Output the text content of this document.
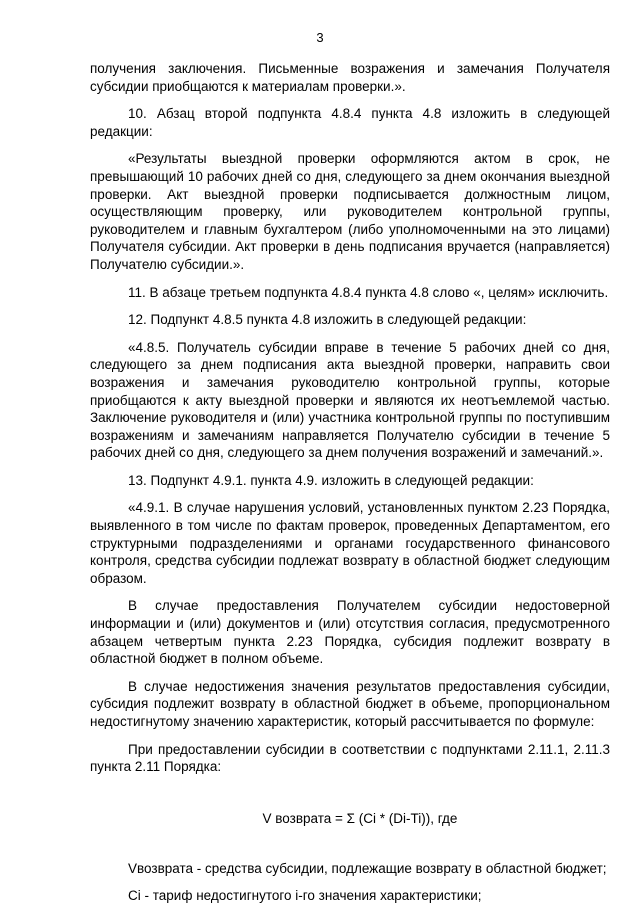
3

получения заключения. Письменные возражения и замечания Получателя субсидии приобщаются к материалам проверки.».

10. Абзац второй подпункта 4.8.4 пункта 4.8 изложить в следующей редакции:

«Результаты выездной проверки оформляются актом в срок, не превышающий 10 рабочих дней со дня, следующего за днем окончания выездной проверки. Акт выездной проверки подписывается должностным лицом, осуществляющим проверку, или руководителем контрольной группы, руководителем и главным бухгалтером (либо уполномоченными на это лицами) Получателя субсидии. Акт проверки в день подписания вручается (направляется) Получателю субсидии.».

11. В абзаце третьем подпункта 4.8.4 пункта 4.8 слово «, целям» исключить.

12. Подпункт 4.8.5 пункта 4.8 изложить в следующей редакции:

«4.8.5. Получатель субсидии вправе в течение 5 рабочих дней со дня, следующего за днем подписания акта выездной проверки, направить свои возражения и замечания руководителю контрольной группы, которые приобщаются к акту выездной проверки и являются их неотъемлемой частью. Заключение руководителя и (или) участника контрольной группы по поступившим возражениям и замечаниям направляется Получателю субсидии в течение 5 рабочих дней со дня, следующего за днем получения возражений и замечаний.».

13. Подпункт 4.9.1. пункта 4.9. изложить в следующей редакции:

«4.9.1. В случае нарушения условий, установленных пунктом 2.23 Порядка, выявленного в том числе по фактам проверок, проведенных Департаментом, его структурными подразделениями и органами государственного финансового контроля, средства субсидии подлежат возврату в областной бюджет следующим образом.

В случае предоставления Получателем субсидии недостоверной информации и (или) документов и (или) отсутствия согласия, предусмотренного абзацем четвертым пункта 2.23 Порядка, субсидия подлежит возврату в областной бюджет в полном объеме.

В случае недостижения значения результатов предоставления субсидии, субсидия подлежит возврату в областной бюджет в объеме, пропорциональном недостигнутому значению характеристик, который рассчитывается по формуле:

При предоставлении субсидии в соответствии с подпунктами 2.11.1, 2.11.3 пункта 2.11 Порядка:

V возврата = Σ (Ci * (Di-Ti)), где

Vвозврата - средства субсидии, подлежащие возврату в областной бюджет;

Ci - тариф недостигнутого i-го значения характеристики;
